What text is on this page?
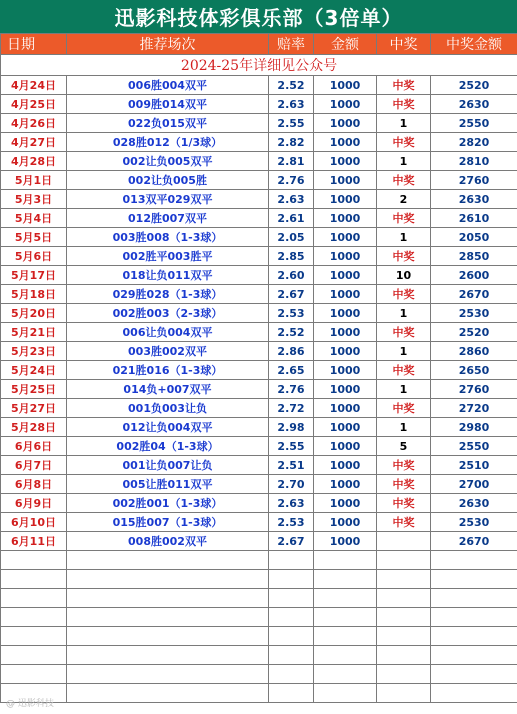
迅影科技体彩俱乐部（3倍单）
日期	推荐场次	赔率	金额	中奖	中奖金额
2024-25年详细见公众号					
4月24日	006胜004双平	2.52	1000	中奖	2520
4月25日	009胜014双平	2.63	1000	中奖	2630
4月26日	022负015双平	2.55	1000	1	2550
4月27日	028胜012（1/3球）	2.82	1000	中奖	2820
4月28日	002让负005双平	2.81	1000	1	2810
5月1日	002让负005胜	2.76	1000	中奖	2760
5月3日	013双平029双平	2.63	1000	2	2630
5月4日	012胜007双平	2.61	1000	中奖	2610
5月5日	003胜008（1-3球）	2.05	1000	1	2050
5月6日	002胜平003胜平	2.85	1000	中奖	2850
5月17日	018让负011双平	2.60	1000	10	2600
5月18日	029胜028（1-3球）	2.67	1000	中奖	2670
5月20日	002胜003（2-3球）	2.53	1000	1	2530
5月21日	006让负004双平	2.52	1000	中奖	2520
5月23日	003胜002双平	2.86	1000	1	2860
5月24日	021胜016（1-3球）	2.65	1000	中奖	2650
5月25日	014负+007双平	2.76	1000	1	2760
5月27日	001负003让负	2.72	1000	中奖	2720
5月28日	012让负004双平	2.98	1000	1	2980
6月6日	002胜04（1-3球）	2.55	1000	5	2550
6月7日	001让负007让负	2.51	1000	中奖	2510
6月8日	005让胜011双平	2.70	1000	中奖	2700
6月9日	002胜001（1-3球）	2.63	1000	中奖	2630
6月10日	015胜007（1-3球）	2.53	1000	中奖	2530
6月11日	008胜002双平	2.67	1000		2670

@ 迅影科技
